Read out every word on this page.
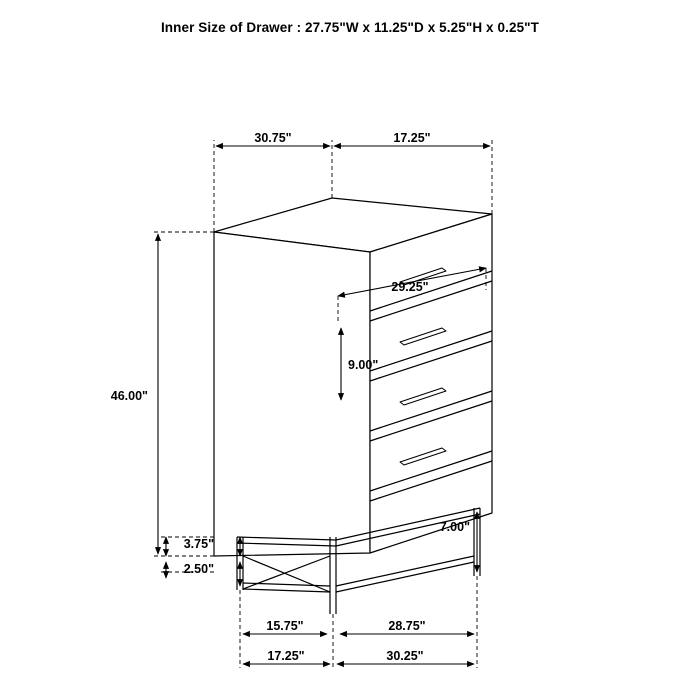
Inner Size of Drawer : 27.75"W x 11.25"D x 5.25"H x 0.25"T
30.75"	17.25"
46.00"
29.25"
9.00"
3.75"
2.50"
7.00"
15.75"	28.75"
17.25"	30.25"
